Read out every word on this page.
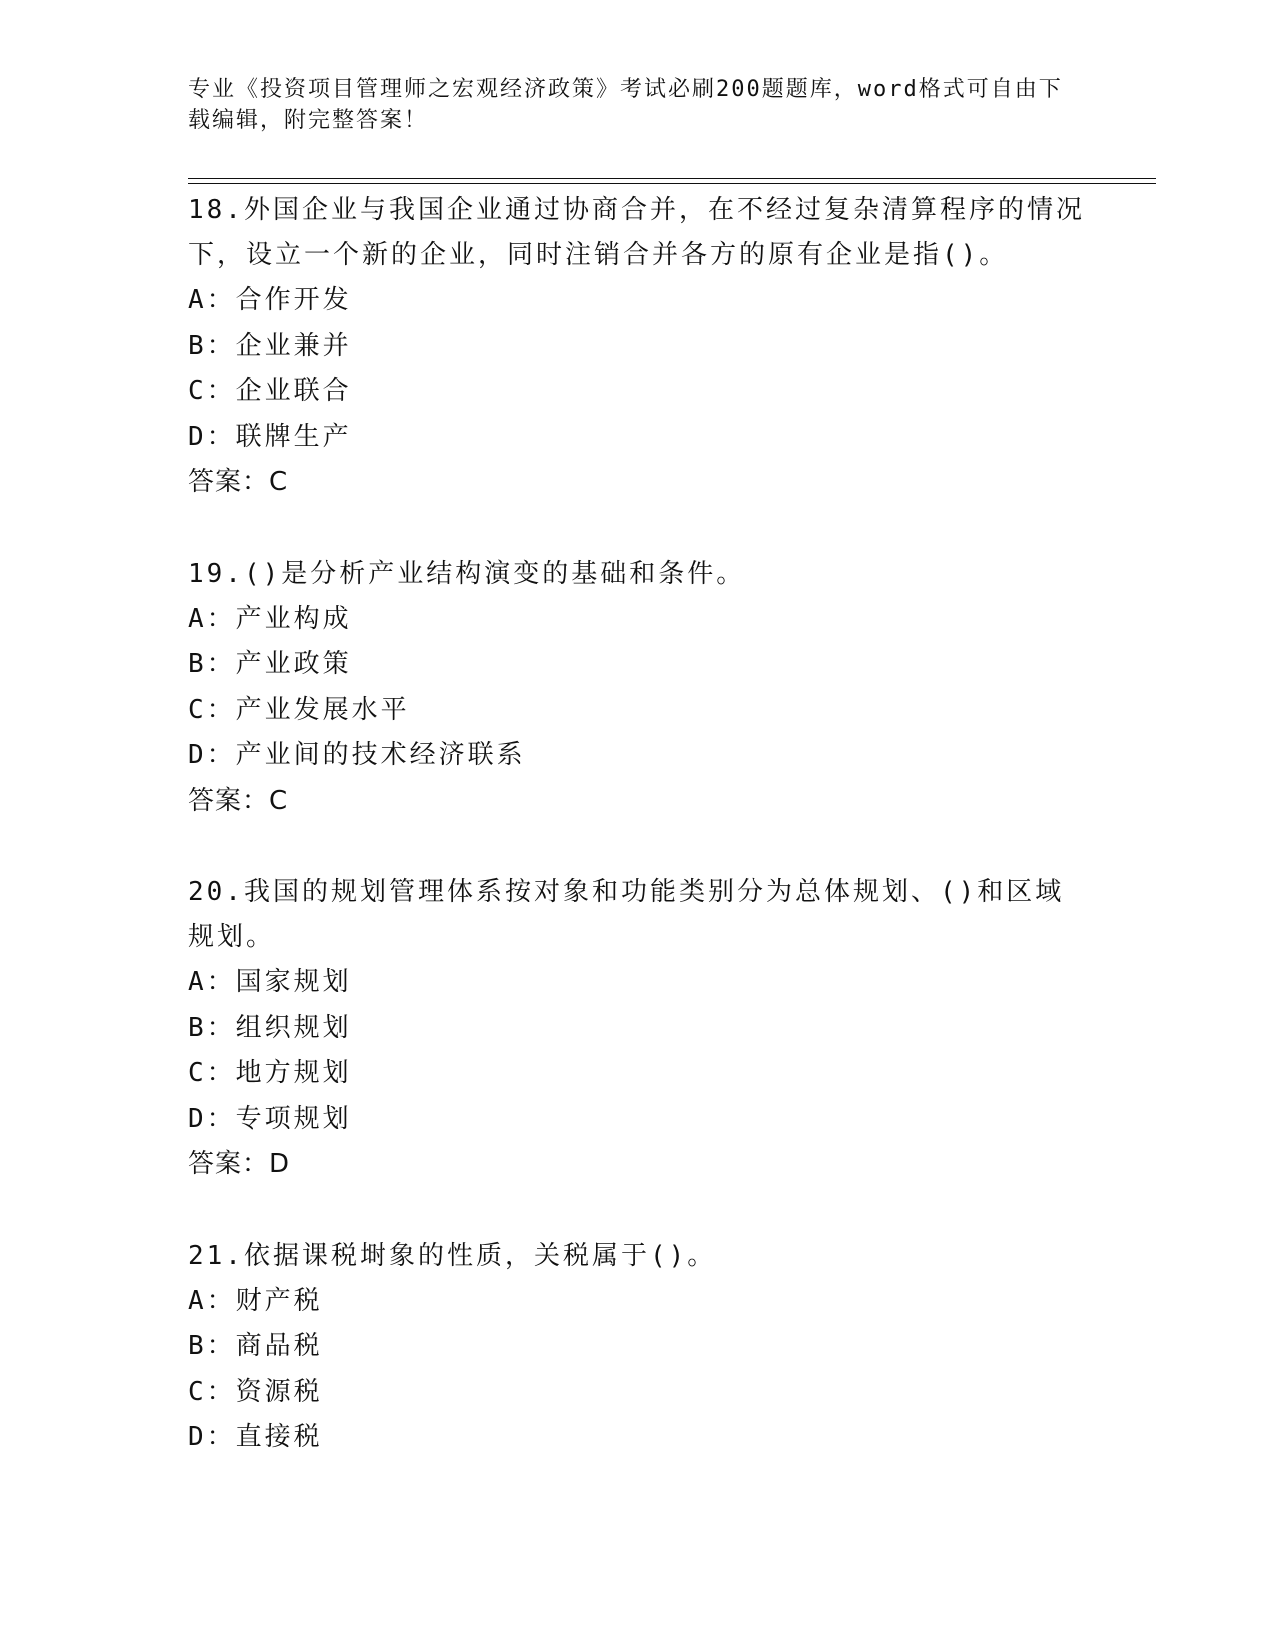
专业《投资项目管理师之宏观经济政策》考试必刷200题题库，word格式可自由下载编辑，附完整答案！
18.外国企业与我国企业通过协商合并，在不经过复杂清算程序的情况下，设立一个新的企业，同时注销合并各方的原有企业是指()。
A：合作开发
B：企业兼并
C：企业联合
D：联牌生产
答案：C
19.()是分析产业结构演变的基础和条件。
A：产业构成
B：产业政策
C：产业发展水平
D：产业间的技术经济联系
答案：C
20.我国的规划管理体系按对象和功能类别分为总体规划、()和区域规划。
A：国家规划
B：组织规划
C：地方规划
D：专项规划
答案：D
21.依据课税埘象的性质，关税属于()。
A：财产税
B：商品税
C：资源税
D：直接税
